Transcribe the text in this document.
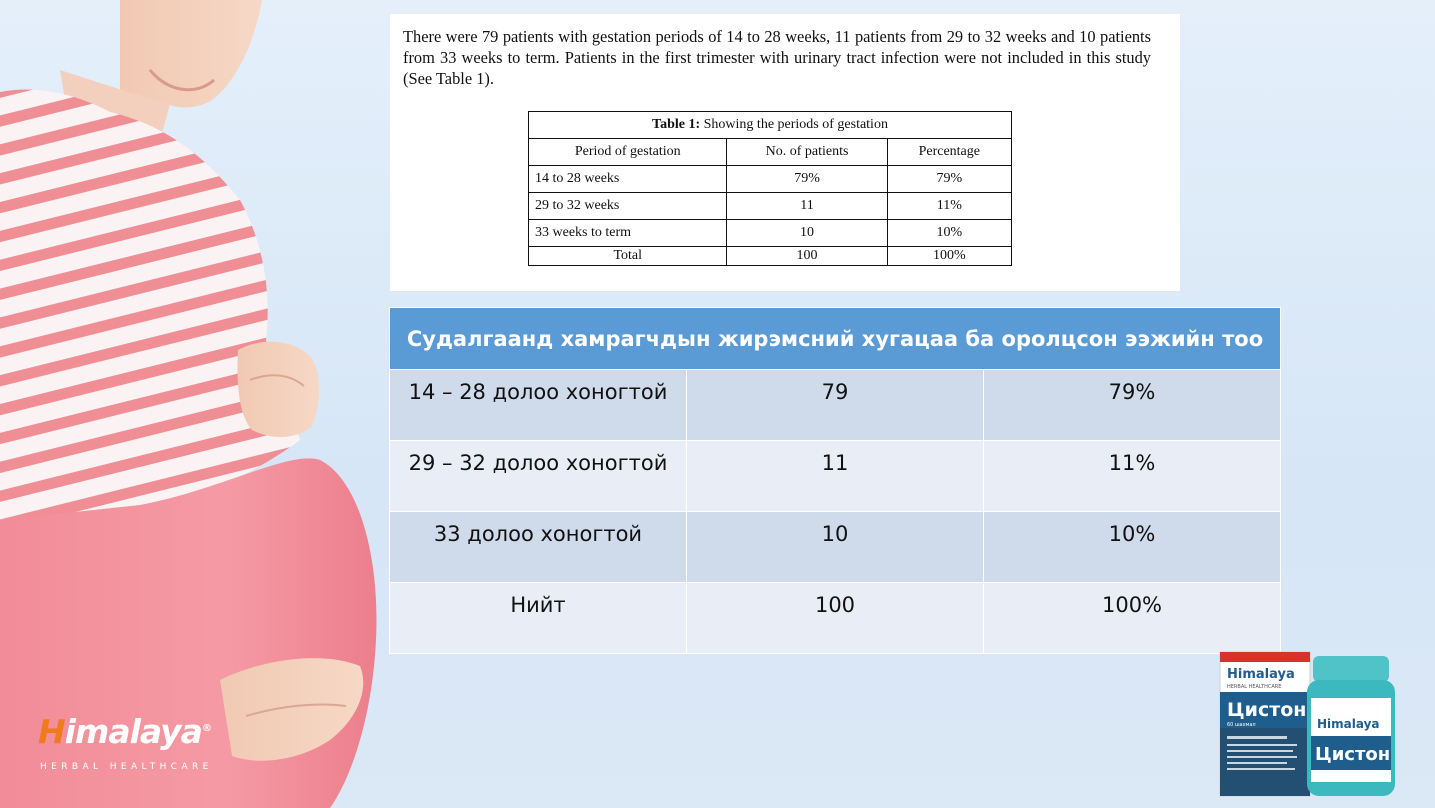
There were 79 patients with gestation periods of 14 to 28 weeks, 11 patients from 29 to 32 weeks and 10 patients from 33 weeks to term. Patients in the first trimester with urinary tract infection were not included in this study (See Table 1).

Table 1: Showing the periods of gestation		
Period of gestation	No. of patients	Percentage
14 to 28 weeks	79%	79%
29 to 32 weeks	11	11%
33 weeks to term	10	10%
Total	100	100%
Судалгаанд хамрагчдын жирэмсний хугацаа ба оролцсон ээжийн тоо		
14 – 28 долоо хоногтой	79	79%
29 – 32 долоо хоногтой	11	11%
33 долоо хоногтой	10	10%
Нийт	100	100%
Himalaya®
HERBAL HEALTHCARE
Himalaya
HERBAL HEALTHCARE
Цистон
60 шахмал	Himalaya
Цистон
